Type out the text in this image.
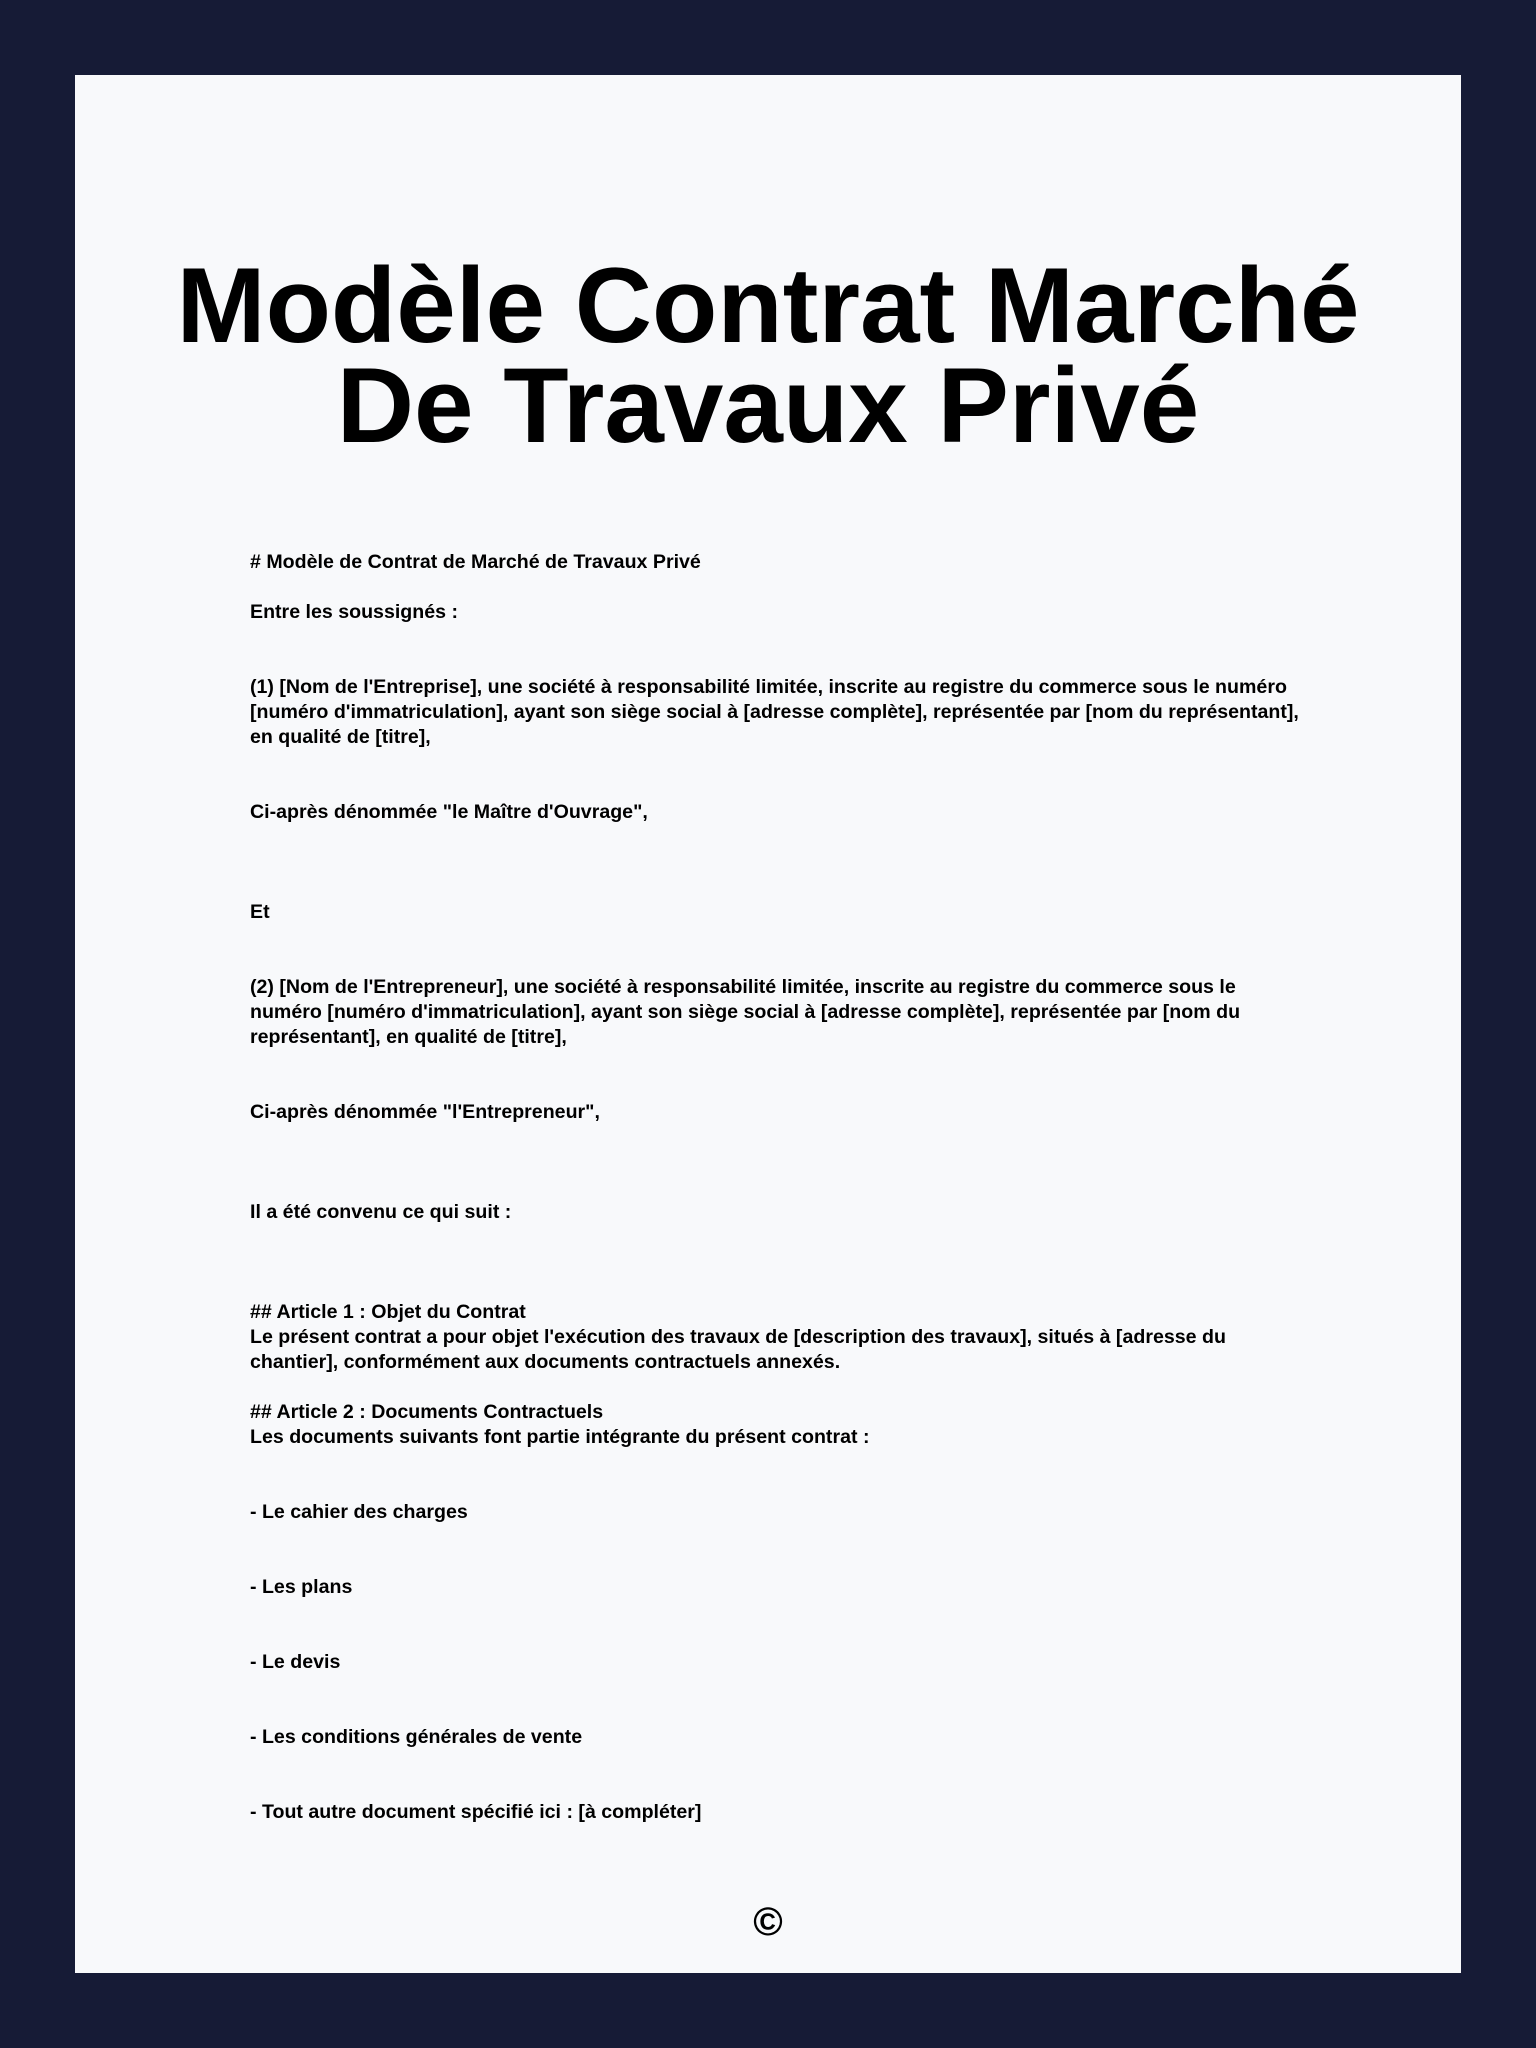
Modèle Contrat Marché De Travaux Privé

# Modèle de Contrat de Marché de Travaux Privé

Entre les soussignés :

(1) [Nom de l'Entreprise], une société à responsabilité limitée, inscrite au registre du commerce sous le numéro [numéro d'immatriculation], ayant son siège social à [adresse complète], représentée par [nom du représentant], en qualité de [titre],

Ci-après dénommée "le Maître d'Ouvrage",

Et

(2) [Nom de l'Entrepreneur], une société à responsabilité limitée, inscrite au registre du commerce sous le numéro [numéro d'immatriculation], ayant son siège social à [adresse complète], représentée par [nom du représentant], en qualité de [titre],

Ci-après dénommée "l'Entrepreneur",

Il a été convenu ce qui suit :

## Article 1 : Objet du Contrat

Le présent contrat a pour objet l'exécution des travaux de [description des travaux], situés à [adresse du chantier], conformément aux documents contractuels annexés.

## Article 2 : Documents Contractuels

Les documents suivants font partie intégrante du présent contrat :

- Le cahier des charges

- Les plans

- Le devis

- Les conditions générales de vente

- Tout autre document spécifié ici : [à compléter]

©
